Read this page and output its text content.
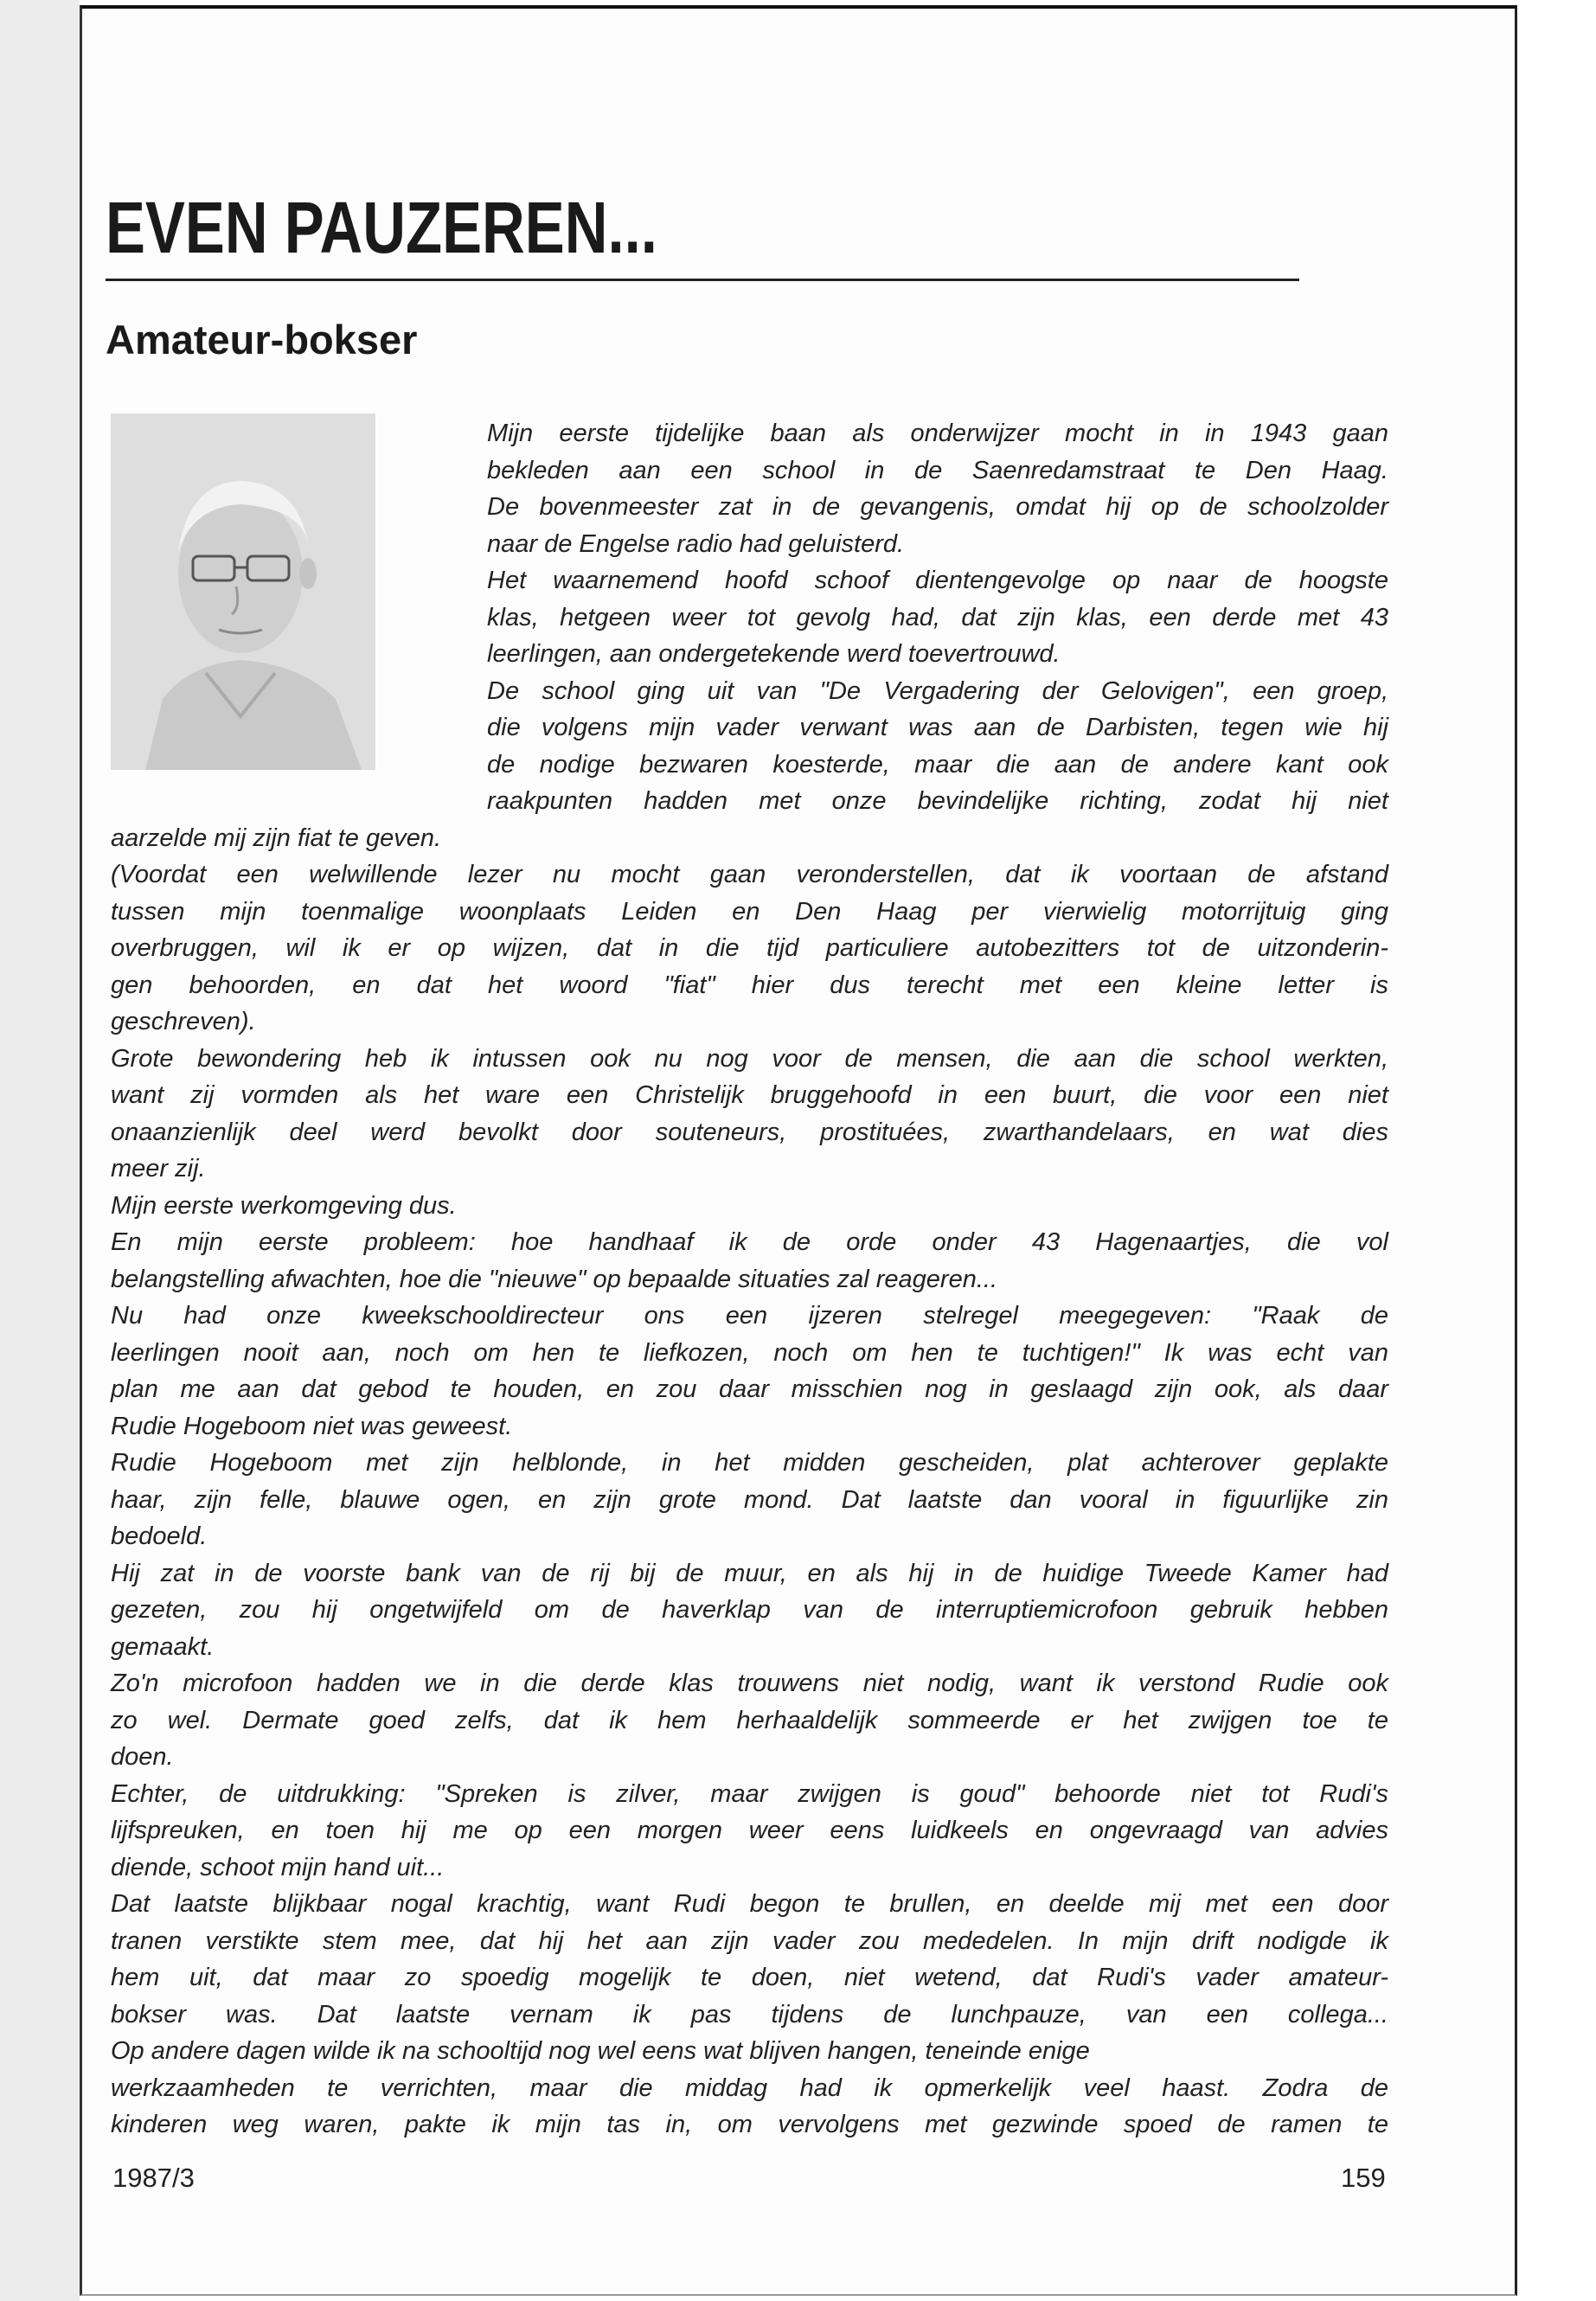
EVEN PAUZEREN...
Amateur-bokser
Mijn eerste tijdelijke baan als onderwijzer mocht in in 1943 gaan
bekleden aan een school in de Saenredamstraat te Den Haag.
De bovenmeester zat in de gevangenis, omdat hij op de schoolzolder
naar de Engelse radio had geluisterd.
Het waarnemend hoofd schoof dientengevolge op naar de hoogste
klas, hetgeen weer tot gevolg had, dat zijn klas, een derde met 43
leerlingen, aan ondergetekende werd toevertrouwd.
De school ging uit van "De Vergadering der Gelovigen", een groep,
die volgens mijn vader verwant was aan de Darbisten, tegen wie hij
de nodige bezwaren koesterde, maar die aan de andere kant ook
raakpunten hadden met onze bevindelijke richting, zodat hij niet
aarzelde mij zijn fiat te geven.
(Voordat een welwillende lezer nu mocht gaan veronderstellen, dat ik voortaan de afstand
tussen mijn toenmalige woonplaats Leiden en Den Haag per vierwielig motorrijtuig ging
overbruggen, wil ik er op wijzen, dat in die tijd particuliere autobezitters tot de uitzonderin-
gen behoorden, en dat het woord "fiat" hier dus terecht met een kleine letter is
geschreven).
Grote bewondering heb ik intussen ook nu nog voor de mensen, die aan die school werkten,
want zij vormden als het ware een Christelijk bruggehoofd in een buurt, die voor een niet
onaanzienlijk deel werd bevolkt door souteneurs, prostituées, zwarthandelaars, en wat dies
meer zij.
Mijn eerste werkomgeving dus.
En mijn eerste probleem: hoe handhaaf ik de orde onder 43 Hagenaartjes, die vol
belangstelling afwachten, hoe die "nieuwe" op bepaalde situaties zal reageren...
Nu had onze kweekschooldirecteur ons een ijzeren stelregel meegegeven: "Raak de
leerlingen nooit aan, noch om hen te liefkozen, noch om hen te tuchtigen!" Ik was echt van
plan me aan dat gebod te houden, en zou daar misschien nog in geslaagd zijn ook, als daar
Rudie Hogeboom niet was geweest.
Rudie Hogeboom met zijn helblonde, in het midden gescheiden, plat achterover geplakte
haar, zijn felle, blauwe ogen, en zijn grote mond. Dat laatste dan vooral in figuurlijke zin
bedoeld.
Hij zat in de voorste bank van de rij bij de muur, en als hij in de huidige Tweede Kamer had
gezeten, zou hij ongetwijfeld om de haverklap van de interruptiemicrofoon gebruik hebben
gemaakt.
Zo'n microfoon hadden we in die derde klas trouwens niet nodig, want ik verstond Rudie ook
zo wel. Dermate goed zelfs, dat ik hem herhaaldelijk sommeerde er het zwijgen toe te
doen.
Echter, de uitdrukking: "Spreken is zilver, maar zwijgen is goud" behoorde niet tot Rudi's
lijfspreuken, en toen hij me op een morgen weer eens luidkeels en ongevraagd van advies
diende, schoot mijn hand uit...
Dat laatste blijkbaar nogal krachtig, want Rudi begon te brullen, en deelde mij met een door
tranen verstikte stem mee, dat hij het aan zijn vader zou mededelen. In mijn drift nodigde ik
hem uit, dat maar zo spoedig mogelijk te doen, niet wetend, dat Rudi's vader amateur-
bokser was. Dat laatste vernam ik pas tijdens de lunchpauze, van een collega...
Op andere dagen wilde ik na schooltijd nog wel eens wat blijven hangen, teneinde enige
werkzaamheden te verrichten, maar die middag had ik opmerkelijk veel haast. Zodra de
kinderen weg waren, pakte ik mijn tas in, om vervolgens met gezwinde spoed de ramen te
1987/3	159
